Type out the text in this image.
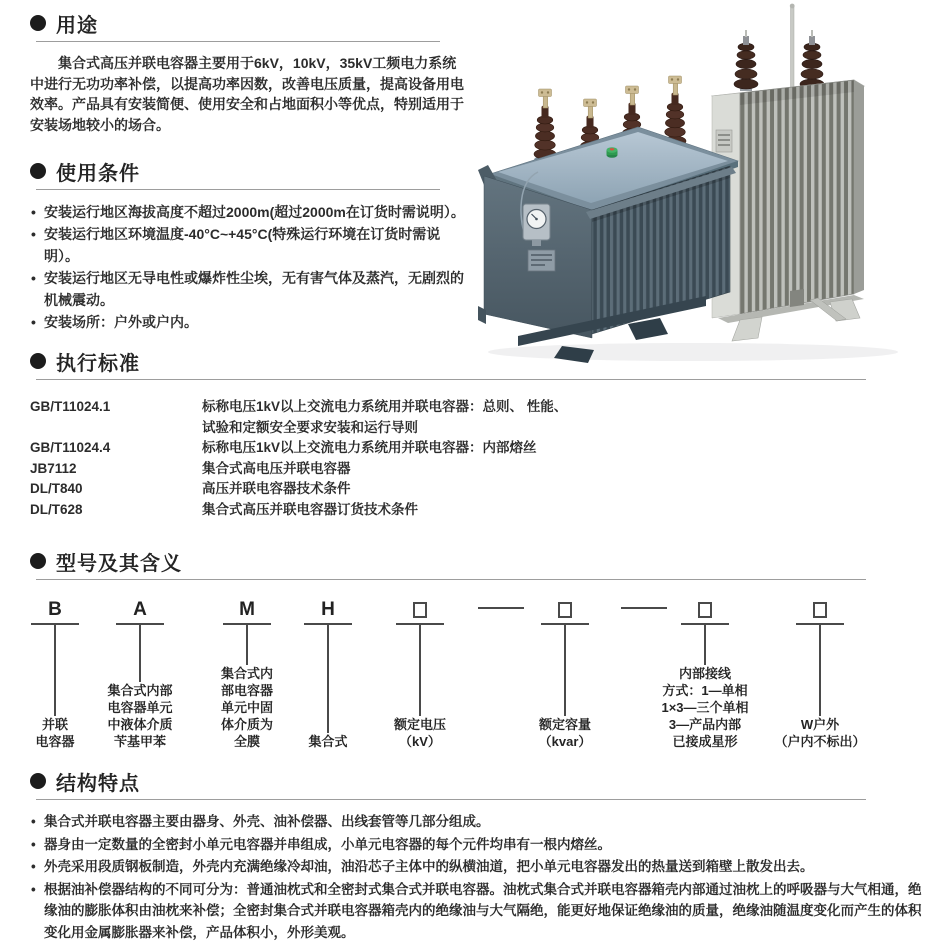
用途

集合式高压并联电容器主要用于6kV，10kV，35kV工频电力系统中进行无功功率补偿，以提高功率因数，改善电压质量，提高设备用电效率。产品具有安装简便、使用安全和占地面积小等优点，特别适用于安装场地较小的场合。

使用条件
• 安装运行地区海拔高度不超过2000m(超过2000m在订货时需说明）。
• 安装运行地区环境温度-40°C~+45°C(特殊运行环境在订货时需说明）。
• 安装运行地区无导电性或爆炸性尘埃，无有害气体及蒸汽，无剧烈的机械震动。
• 安装场所：户外或户内。
执行标准
GB/T11024.1	标称电压1kV以上交流电力系统用并联电容器：总则、 性能、
试验和定额安全要求安装和运行导则
GB/T11024.4	标称电压1kV以上交流电力系统用并联电容器：内部熔丝
JB7112	集合式高电压并联电容器
DL/T840	高压并联电容器技术条件
DL/T628	集合式高压并联电容器订货技术条件
型号及其含义
B
并联
电容器
A
集合式内部
电容器单元
中液体介质
苄基甲苯
M
集合式内
部电容器
单元中固
体介质为
全膜
H
集合式
额定电压
（kV）
额定容量
（kvar）
内部接线
方式：1—单相
1×3—三个单相
3—产品内部
已接成星形
W户外
（户内不标出）
结构特点
• 集合式并联电容器主要由器身、外壳、油补偿器、出线套管等几部分组成。
• 器身由一定数量的全密封小单元电容器并串组成，小单元电容器的每个元件均串有一根内熔丝。
• 外壳采用段质钢板制造，外壳内充满绝缘冷却油，油沿芯子主体中的纵横油道，把小单元电容器发出的热量送到箱壁上散发出去。
• 根据油补偿器结构的不同可分为：普通油枕式和全密封式集合式并联电容器。油枕式集合式并联电容器箱壳内部通过油枕上的呼吸器与大气相通，绝缘油的膨胀体积由油枕来补偿；全密封集合式并联电容器箱壳内的绝缘油与大气隔绝，能更好地保证绝缘油的质量，绝缘油随温度变化而产生的体积变化用金属膨胀器来补偿，产品体积小，外形美观。
